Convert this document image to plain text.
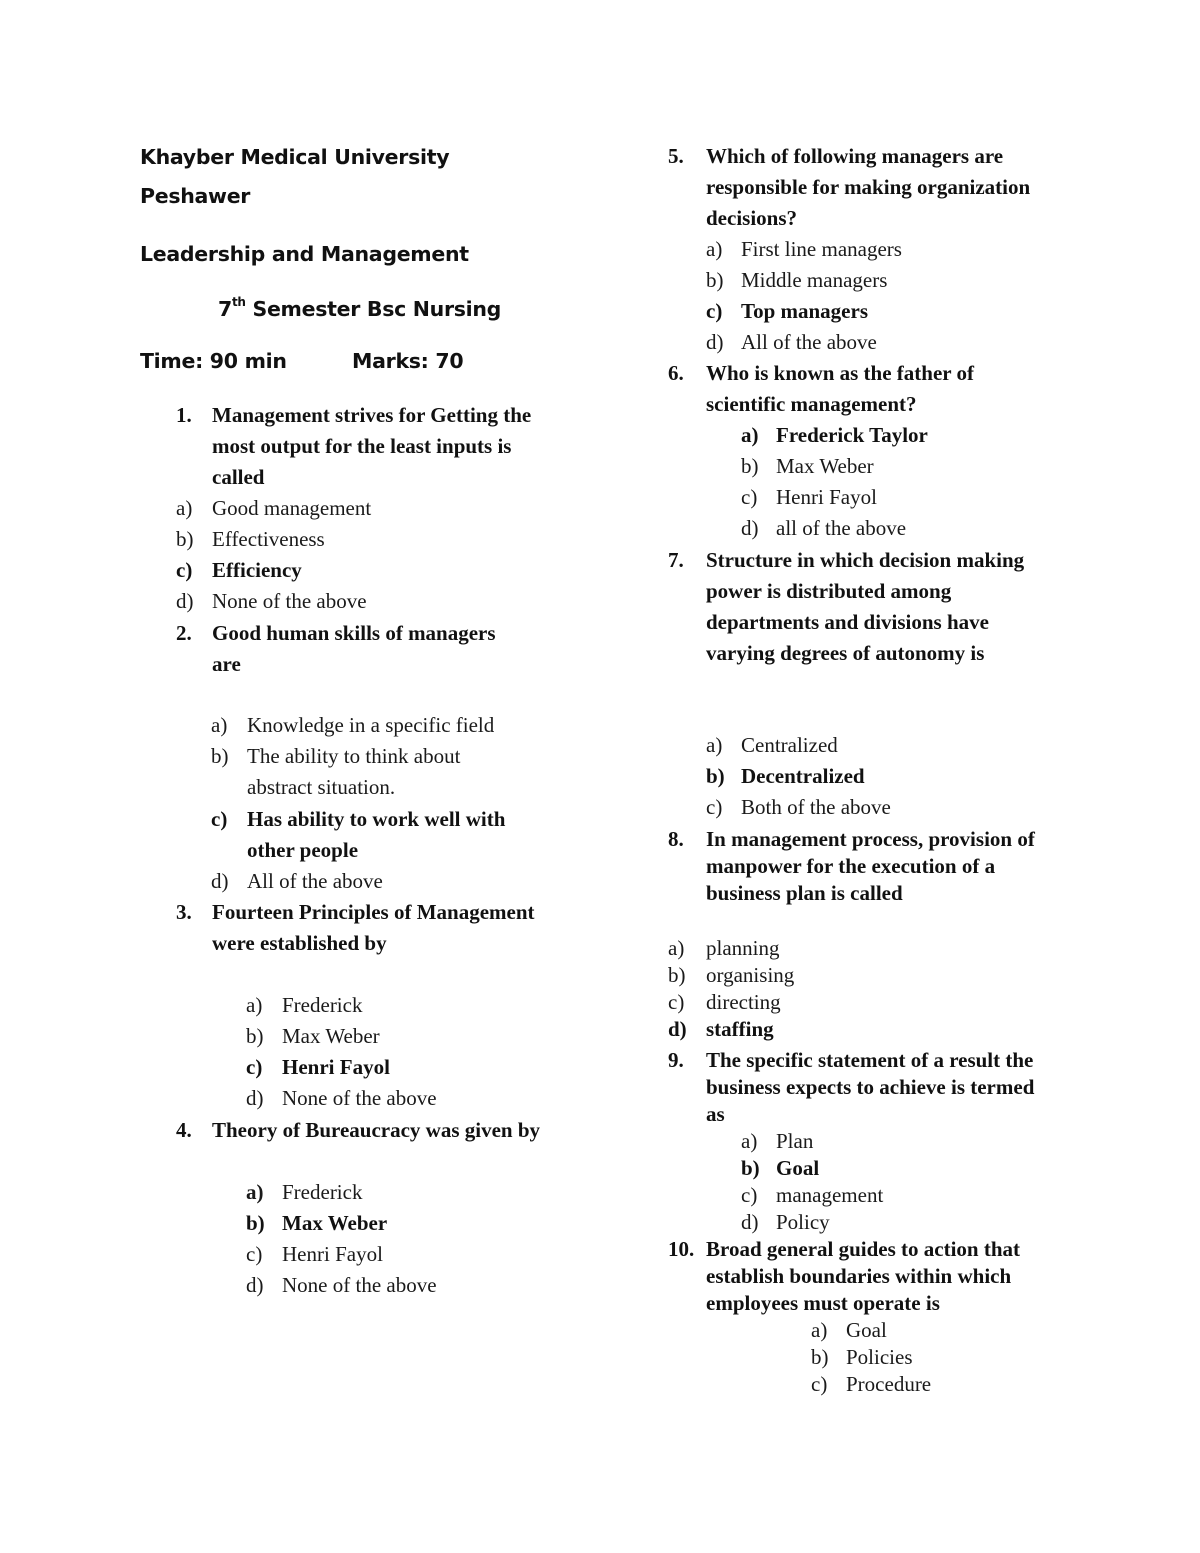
Khayber Medical University
Peshawer
Leadership and Management
7th Semester Bsc Nursing
Time: 90 min	Marks: 70
1. Management strives for Getting the most output for the least inputs is called
a) Good management
b) Effectiveness
c) Efficiency
d) None of the above
2. Good human skills of managers are
a) Knowledge in a specific field
b) The ability to think about abstract situation.
c) Has ability to work well with other people
d) All of the above
3. Fourteen Principles of Management were established by
a) Frederick
b) Max Weber
c) Henri Fayol
d) None of the above
4. Theory of Bureaucracy was given by
a) Frederick
b) Max Weber
c) Henri Fayol
d) None of the above
5.	Which of following managers are responsible for making organization decisions?
a) First line managers
b) Middle managers
c) Top managers
d) All of the above
6.	Who is known as the father of scientific management?
a) Frederick Taylor
b) Max Weber
c) Henri Fayol
d) all of the above
7.	Structure in which decision making power is distributed among departments and divisions have varying degrees of autonomy is
a) Centralized
b) Decentralized
c) Both of the above
8.	In management process, provision of manpower for the execution of a business plan is called
a)	planning
b) organising
c)	directing
d) staffing
9.	The specific statement of a result the business expects to achieve is termed as
a) Plan
b) Goal
c) management
d) Policy
10. Broad general guides to action that establish boundaries within which employees must operate is
a) Goal
b) Policies
c) Procedure
